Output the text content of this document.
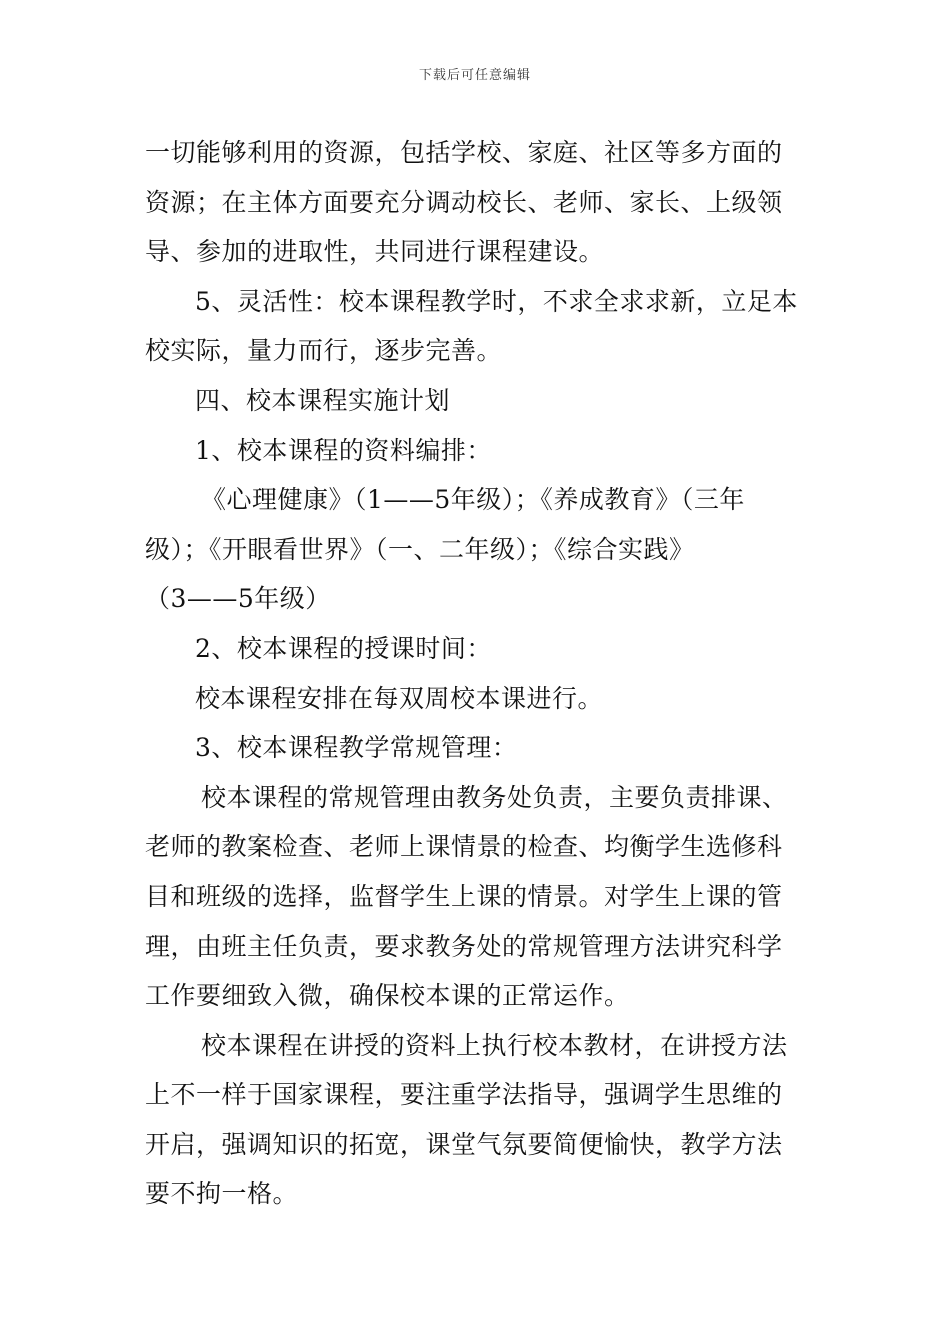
下载后可任意编辑
一切能够利用的资源，包括学校、家庭、社区等多方面的
资源；在主体方面要充分调动校长、老师、家长、上级领
导、参加的进取性，共同进行课程建设。
5、灵活性：校本课程教学时，不求全求求新，立足本
校实际，量力而行，逐步完善。
四、校本课程实施计划
1、校本课程的资料编排：
《心理健康》（1——5年级）；《养成教育》（三年
级）；《开眼看世界》（一、二年级）；《综合实践》
（3——5年级）
2、校本课程的授课时间：
校本课程安排在每双周校本课进行。
3、校本课程教学常规管理：
校本课程的常规管理由教务处负责，主要负责排课、
老师的教案检查、老师上课情景的检查、均衡学生选修科
目和班级的选择，监督学生上课的情景。对学生上课的管
理，由班主任负责，要求教务处的常规管理方法讲究科学
工作要细致入微，确保校本课的正常运作。
校本课程在讲授的资料上执行校本教材，在讲授方法
上不一样于国家课程，要注重学法指导，强调学生思维的
开启，强调知识的拓宽，课堂气氛要简便愉快，教学方法
要不拘一格。
